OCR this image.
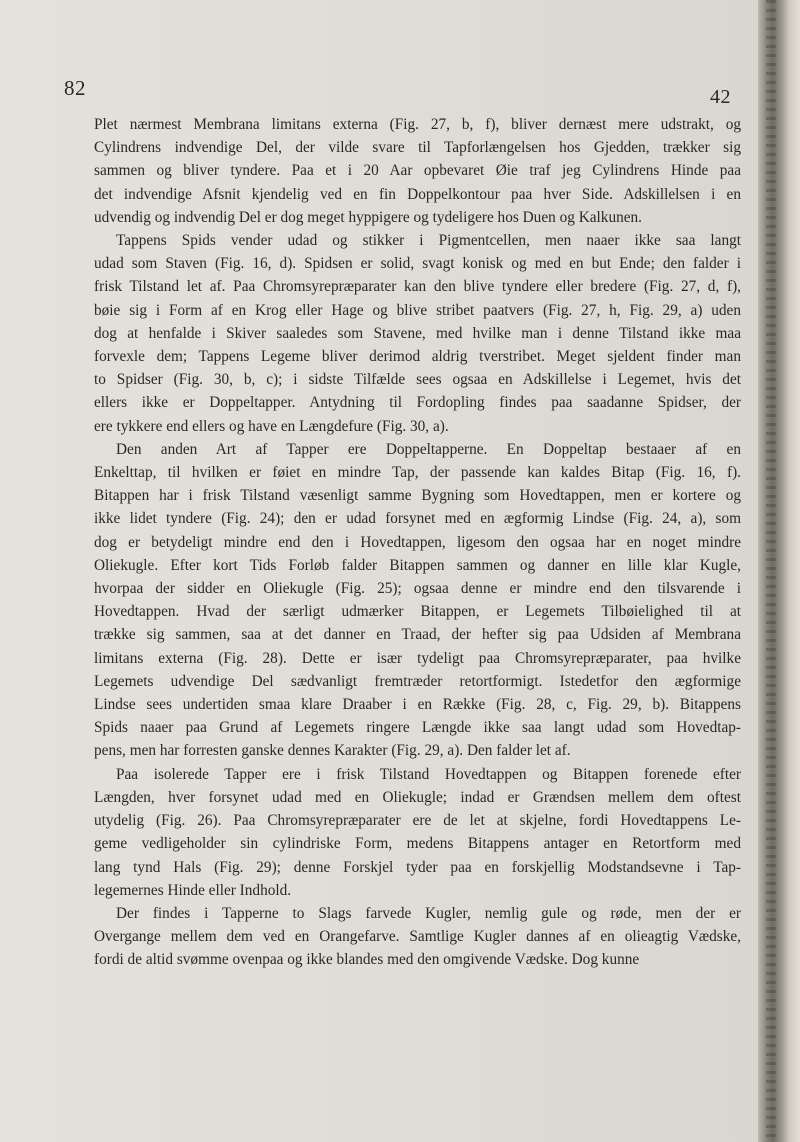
82	42
Plet nærmest Membrana limitans externa (Fig. 27, b, f), bliver dernæst mere udstrakt, og
Cylindrens indvendige Del, der vilde svare til Tapforlængelsen hos Gjedden, trækker sig
sammen og bliver tyndere. Paa et i 20 Aar opbevaret Øie traf jeg Cylindrens Hinde paa
det indvendige Afsnit kjendelig ved en fin Doppelkontour paa hver Side. Adskillelsen i en
udvendig og indvendig Del er dog meget hyppigere og tydeligere hos Duen og Kalkunen.
Tappens Spids vender udad og stikker i Pigmentcellen, men naaer ikke saa langt
udad som Staven (Fig. 16, d). Spidsen er solid, svagt konisk og med en but Ende; den falder i
frisk Tilstand let af. Paa Chromsyrepræparater kan den blive tyndere eller bredere (Fig. 27, d, f),
bøie sig i Form af en Krog eller Hage og blive stribet paatvers (Fig. 27, h, Fig. 29, a) uden
dog at henfalde i Skiver saaledes som Stavene, med hvilke man i denne Tilstand ikke maa
forvexle dem; Tappens Legeme bliver derimod aldrig tverstribet. Meget sjeldent finder man
to Spidser (Fig. 30, b, c); i sidste Tilfælde sees ogsaa en Adskillelse i Legemet, hvis det
ellers ikke er Doppeltapper. Antydning til Fordopling findes paa saadanne Spidser, der
ere tykkere end ellers og have en Længdefure (Fig. 30, a).
Den anden Art af Tapper ere Doppeltapperne. En Doppeltap bestaaer af en
Enkelttap, til hvilken er føiet en mindre Tap, der passende kan kaldes Bitap (Fig. 16, f).
Bitappen har i frisk Tilstand væsenligt samme Bygning som Hovedtappen, men er kortere og
ikke lidet tyndere (Fig. 24); den er udad forsynet med en ægformig Lindse (Fig. 24, a), som
dog er betydeligt mindre end den i Hovedtappen, ligesom den ogsaa har en noget mindre
Oliekugle. Efter kort Tids Forløb falder Bitappen sammen og danner en lille klar Kugle,
hvorpaa der sidder en Oliekugle (Fig. 25); ogsaa denne er mindre end den tilsvarende i
Hovedtappen. Hvad der særligt udmærker Bitappen, er Legemets Tilbøielighed til at
trække sig sammen, saa at det danner en Traad, der hefter sig paa Udsiden af Membrana
limitans externa (Fig. 28). Dette er især tydeligt paa Chromsyrepræparater, paa hvilke
Legemets udvendige Del sædvanligt fremtræder retortformigt. Istedetfor den ægformige
Lindse sees undertiden smaa klare Draaber i en Række (Fig. 28, c, Fig. 29, b). Bitappens
Spids naaer paa Grund af Legemets ringere Længde ikke saa langt udad som Hovedtap-
pens, men har forresten ganske dennes Karakter (Fig. 29, a). Den falder let af.
Paa isolerede Tapper ere i frisk Tilstand Hovedtappen og Bitappen forenede efter
Længden, hver forsynet udad med en Oliekugle; indad er Grændsen mellem dem oftest
utydelig (Fig. 26). Paa Chromsyrepræparater ere de let at skjelne, fordi Hovedtappens Le-
geme vedligeholder sin cylindriske Form, medens Bitappens antager en Retortform med
lang tynd Hals (Fig. 29); denne Forskjel tyder paa en forskjellig Modstandsevne i Tap-
legemernes Hinde eller Indhold.
Der findes i Tapperne to Slags farvede Kugler, nemlig gule og røde, men der er
Overgange mellem dem ved en Orangefarve. Samtlige Kugler dannes af en olieagtig Vædske,
fordi de altid svømme ovenpaa og ikke blandes med den omgivende Vædske. Dog kunne
